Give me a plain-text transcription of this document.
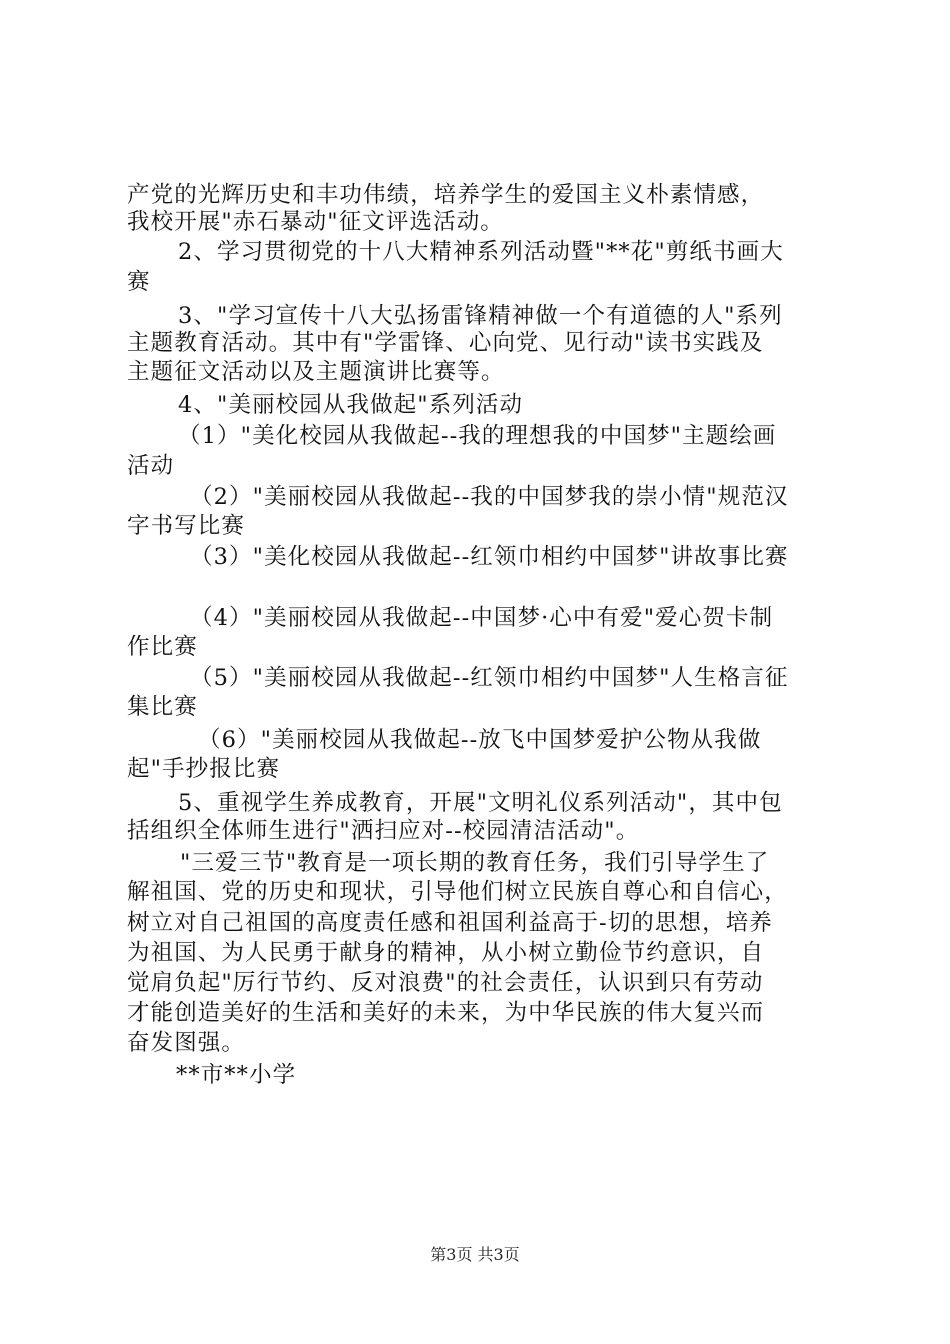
产党的光辉历史和丰功伟绩，培养学生的爱国主义朴素情感，
我校开展"赤石暴动"征文评选活动。
2、学习贯彻党的十八大精神系列活动暨"**花"剪纸书画大
赛
3、"学习宣传十八大弘扬雷锋精神做一个有道德的人"系列
主题教育活动。其中有"学雷锋、心向党、见行动"读书实践及
主题征文活动以及主题演讲比赛等。
4、"美丽校园从我做起"系列活动
（1）"美化校园从我做起--我的理想我的中国梦"主题绘画
活动
（2）"美丽校园从我做起--我的中国梦我的崇小情"规范汉
字书写比赛
（3）"美化校园从我做起--红领巾相约中国梦"讲故事比赛
（4）"美丽校园从我做起--中国梦·心中有爱"爱心贺卡制
作比赛
（5）"美丽校园从我做起--红领巾相约中国梦"人生格言征
集比赛
（6）"美丽校园从我做起--放飞中国梦爱护公物从我做
起"手抄报比赛
5、重视学生养成教育，开展"文明礼仪系列活动"，其中包
括组织全体师生进行"洒扫应对--校园清洁活动"。
"三爱三节"教育是一项长期的教育任务，我们引导学生了
解祖国、党的历史和现状，引导他们树立民族自尊心和自信心，
树立对自己祖国的高度责任感和祖国利益高于-切的思想，培养
为祖国、为人民勇于献身的精神，从小树立勤俭节约意识，自
觉肩负起"厉行节约、反对浪费"的社会责任，认识到只有劳动
才能创造美好的生活和美好的未来，为中华民族的伟大复兴而
奋发图强。
**市**小学
第3页 共3页
